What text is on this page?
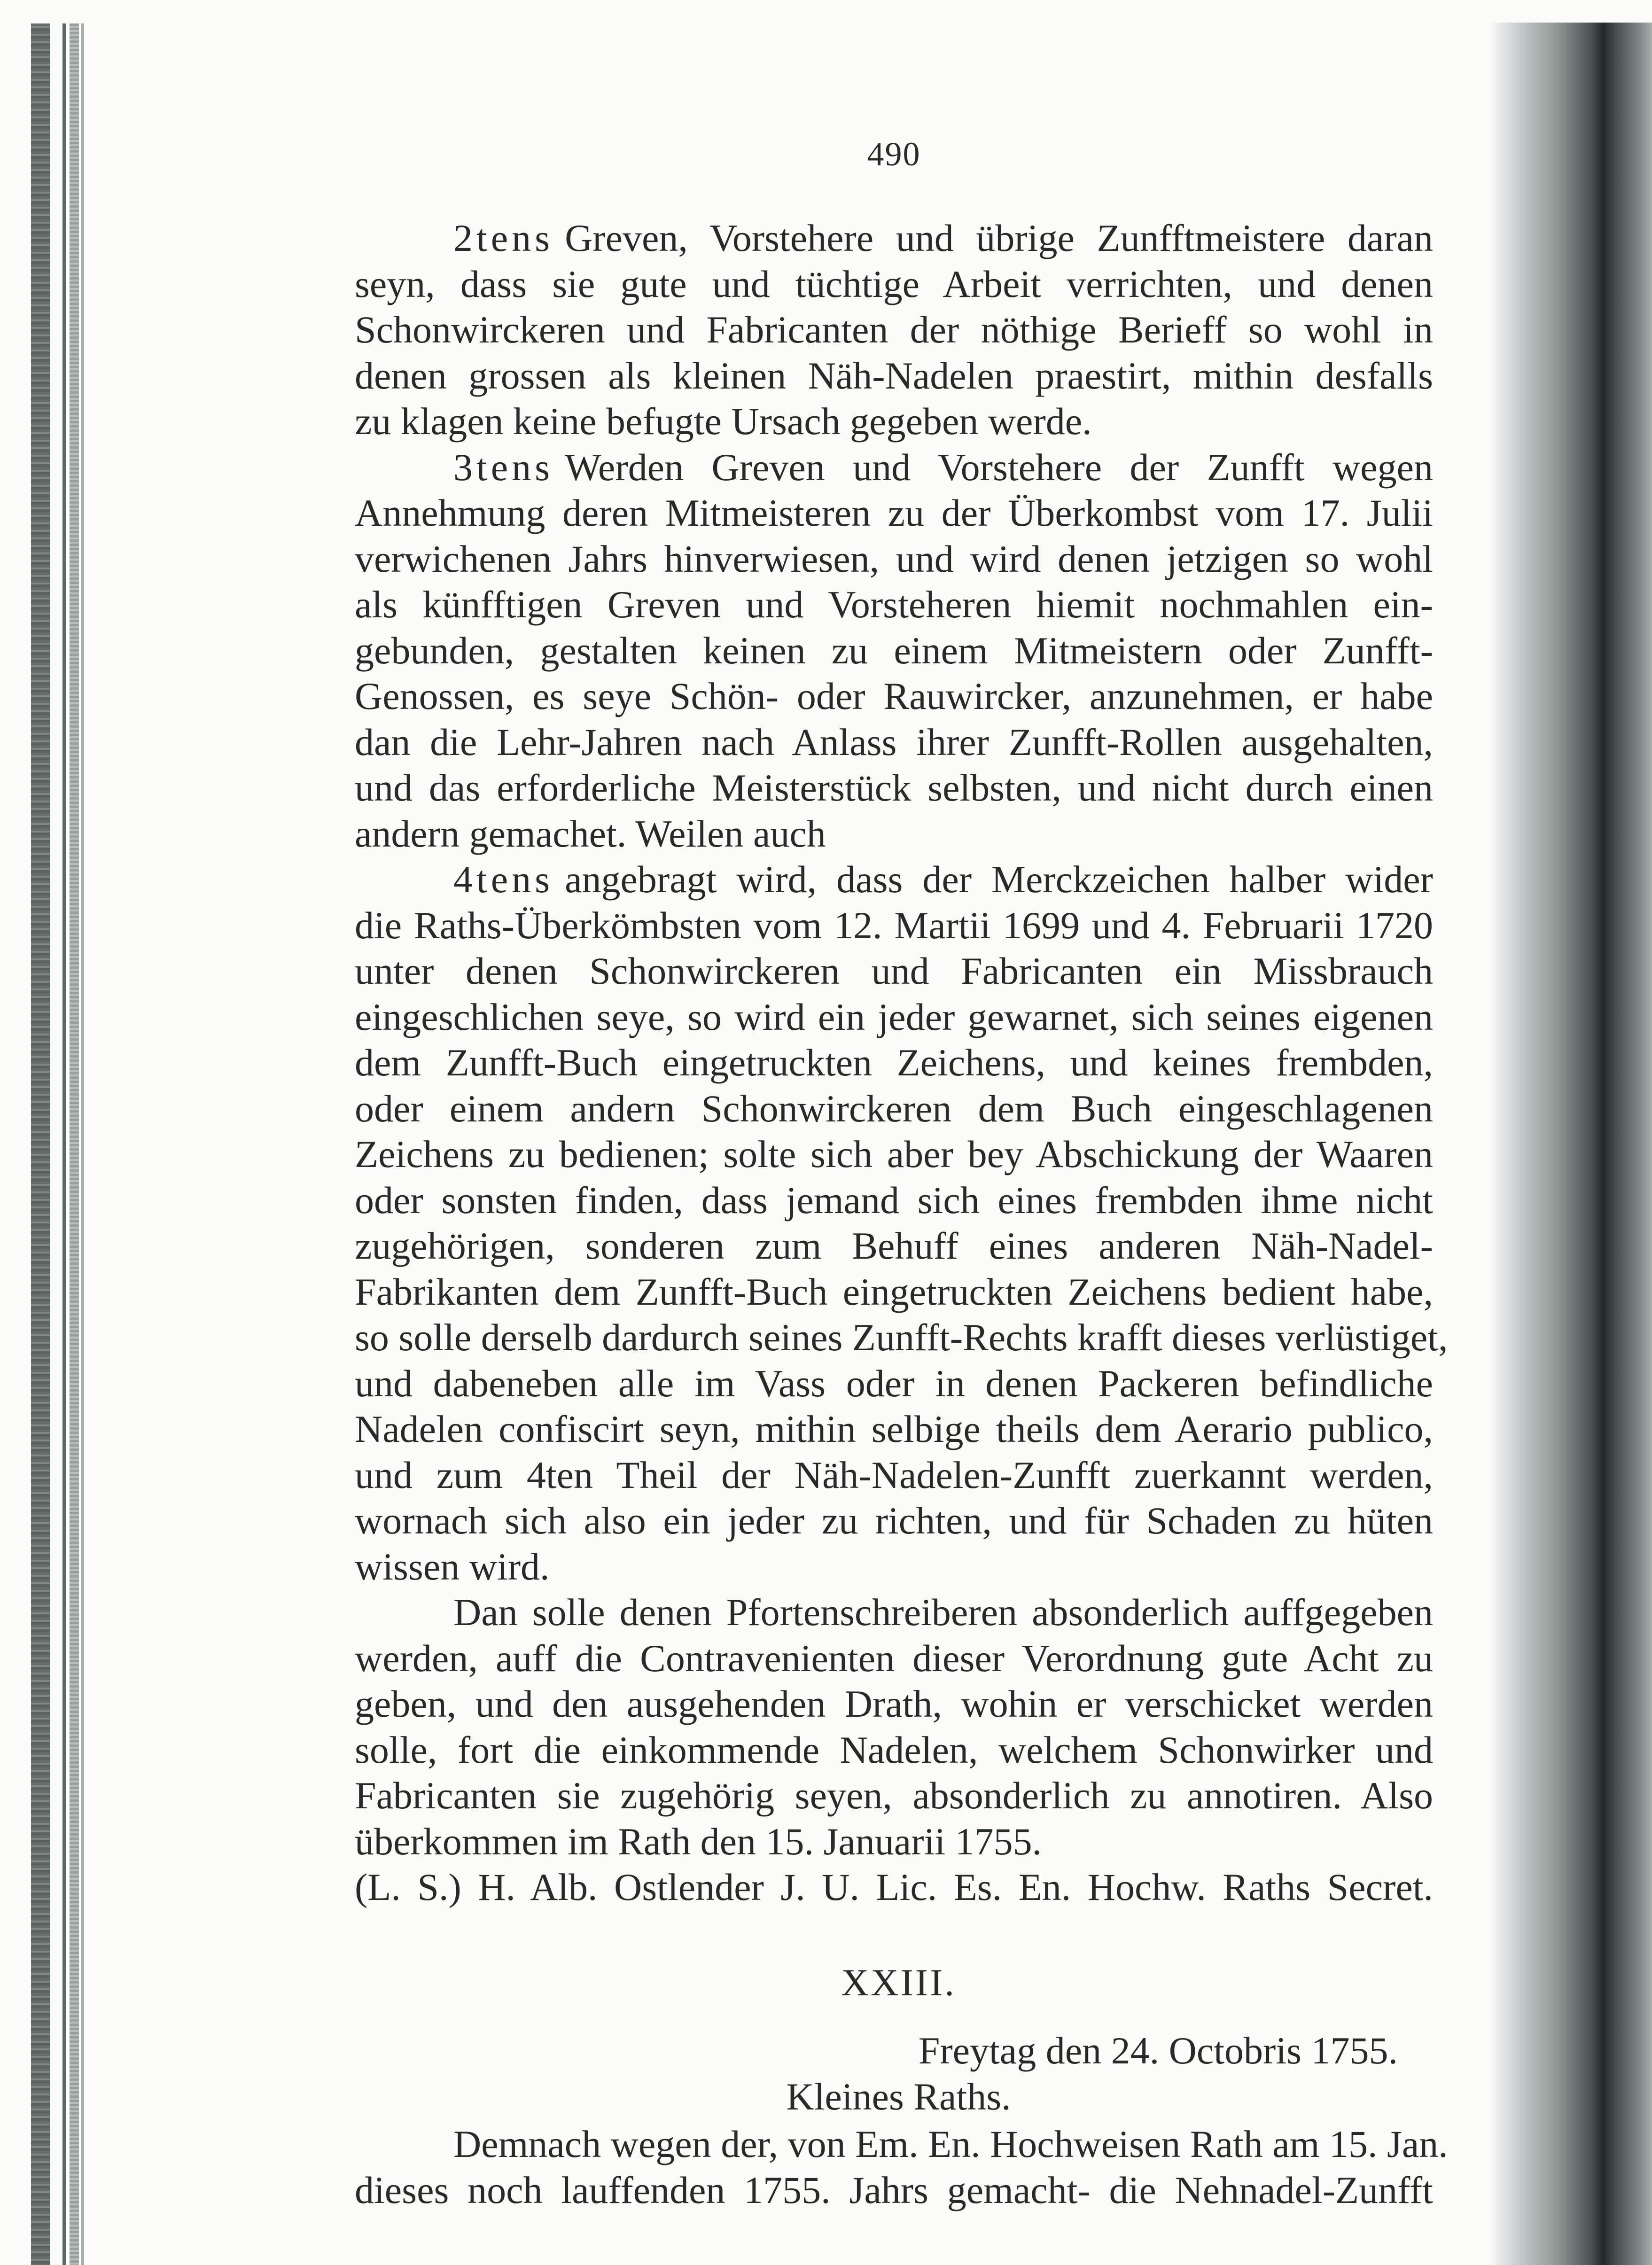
490
2tens Greven, Vorstehere und übrige Zunfftmeistere daran
seyn, dass sie gute und tüchtige Arbeit verrichten, und denen
Schonwirckeren und Fabricanten der nöthige Berieff so wohl in
denen grossen als kleinen Näh-Nadelen praestirt, mithin desfalls
zu klagen keine befugte Ursach gegeben werde.
3tens Werden Greven und Vorstehere der Zunfft wegen
Annehmung deren Mitmeisteren zu der Überkombst vom 17. Julii
verwichenen Jahrs hinverwiesen, und wird denen jetzigen so wohl
als künfftigen Greven und Vorsteheren hiemit nochmahlen ein-
gebunden, gestalten keinen zu einem Mitmeistern oder Zunfft-
Genossen, es seye Schön- oder Rauwircker, anzunehmen, er habe
dan die Lehr-Jahren nach Anlass ihrer Zunfft-Rollen ausgehalten,
und das erforderliche Meisterstück selbsten, und nicht durch einen
andern gemachet. Weilen auch
4tens angebragt wird, dass der Merckzeichen halber wider
die Raths-Überkömbsten vom 12. Martii 1699 und 4. Februarii 1720
unter denen Schonwirckeren und Fabricanten ein Missbrauch
eingeschlichen seye, so wird ein jeder gewarnet, sich seines eigenen
dem Zunfft-Buch eingetruckten Zeichens, und keines frembden,
oder einem andern Schonwirckeren dem Buch eingeschlagenen
Zeichens zu bedienen; solte sich aber bey Abschickung der Waaren
oder sonsten finden, dass jemand sich eines frembden ihme nicht
zugehörigen, sonderen zum Behuff eines anderen Näh-Nadel-
Fabrikanten dem Zunfft-Buch eingetruckten Zeichens bedient habe,
so solle derselb dardurch seines Zunfft-Rechts krafft dieses verlüstiget,
und dabeneben alle im Vass oder in denen Packeren befindliche
Nadelen confiscirt seyn, mithin selbige theils dem Aerario publico,
und zum 4ten Theil der Näh-Nadelen-Zunfft zuerkannt werden,
wornach sich also ein jeder zu richten, und für Schaden zu hüten
wissen wird.
Dan solle denen Pfortenschreiberen absonderlich auffgegeben
werden, auff die Contravenienten dieser Verordnung gute Acht zu
geben, und den ausgehenden Drath, wohin er verschicket werden
solle, fort die einkommende Nadelen, welchem Schonwirker und
Fabricanten sie zugehörig seyen, absonderlich zu annotiren. Also
überkommen im Rath den 15. Januarii 1755.
(L. S.) H. Alb. Ostlender J. U. Lic. Es. En. Hochw. Raths Secret.
XXIII.
Freytag den 24. Octobris 1755.
Kleines Raths.
Demnach wegen der, von Em. En. Hochweisen Rath am 15. Jan.
dieses noch lauffenden 1755. Jahrs gemacht- die Nehnadel-Zunfft
